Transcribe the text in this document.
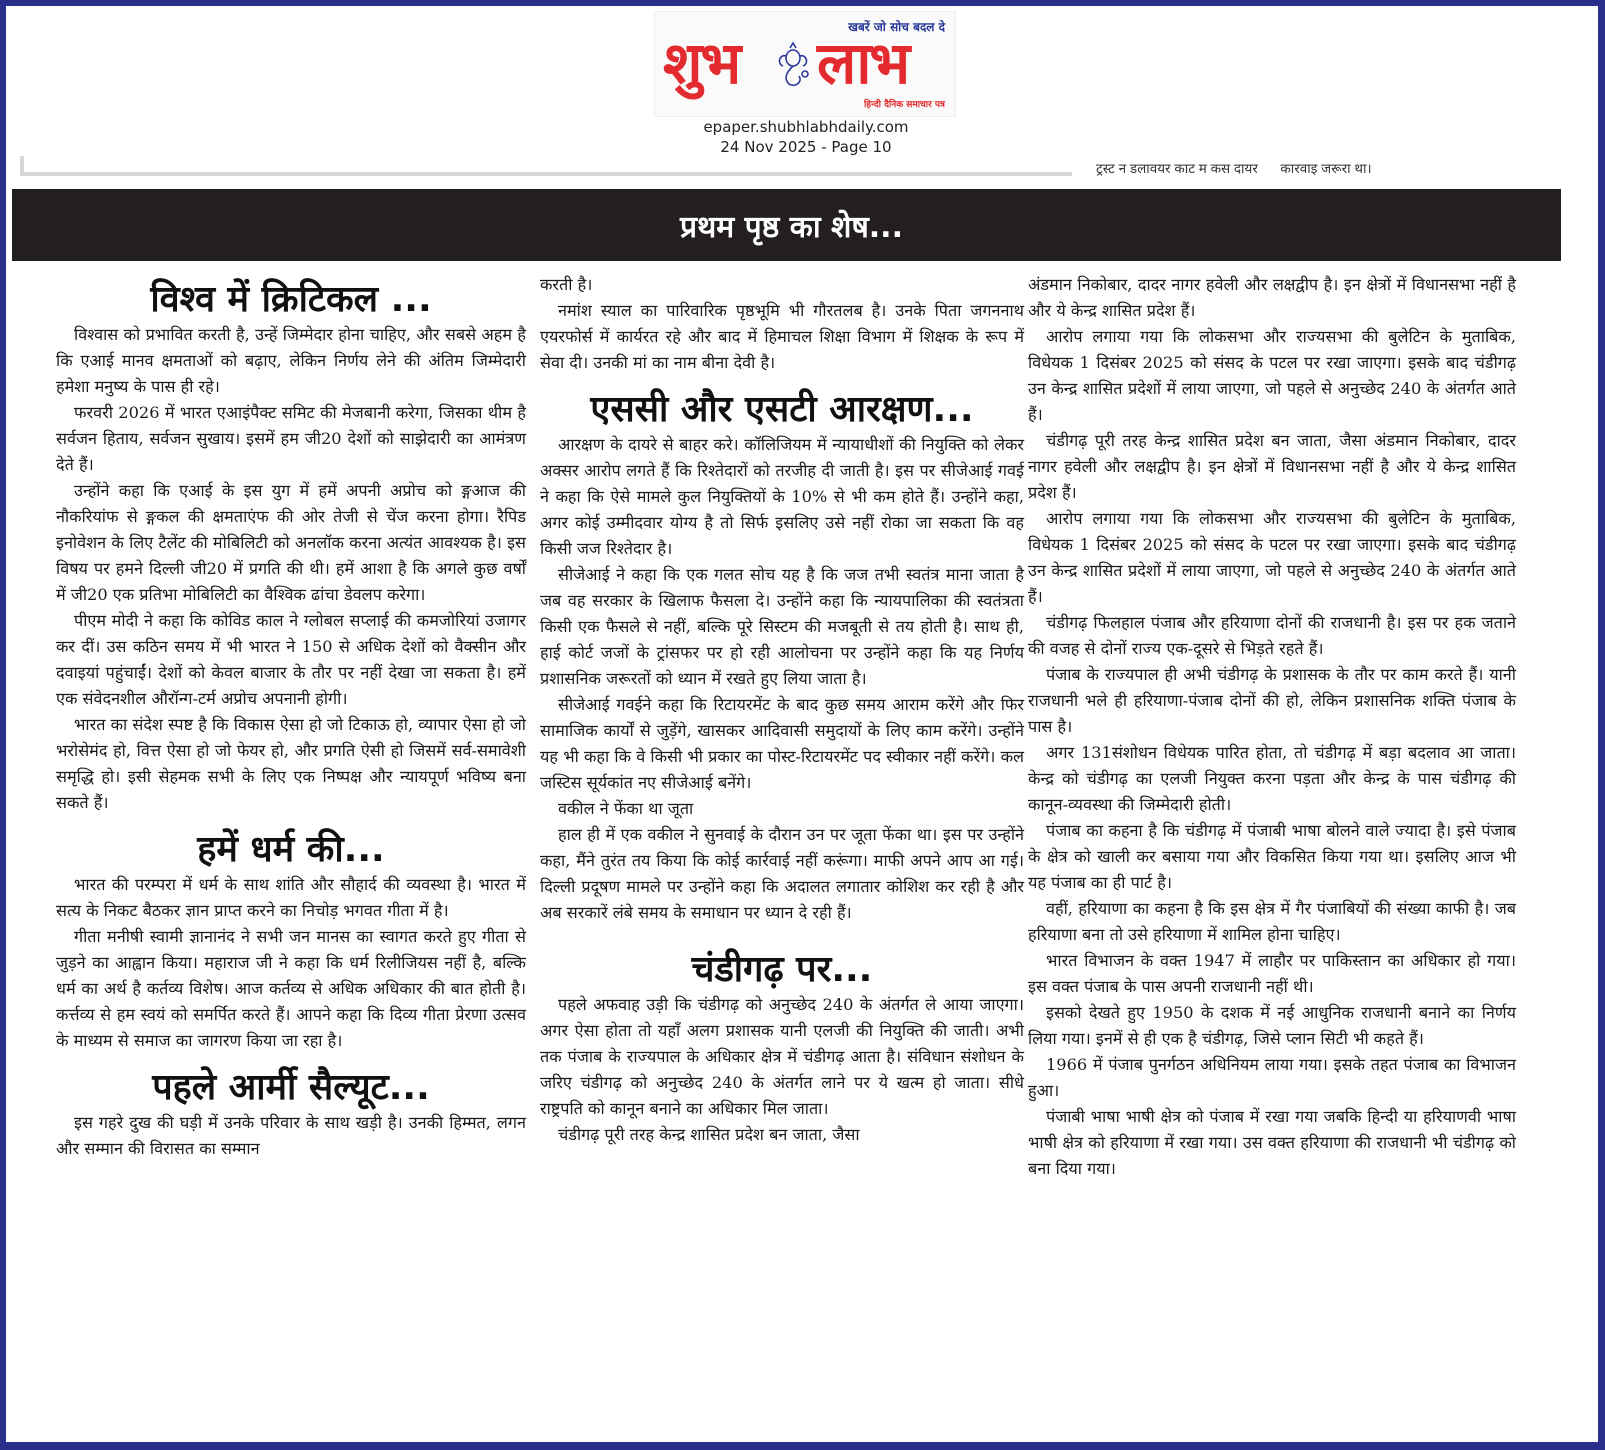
खबरें जो सोच बदल दे
शुभ लाभ
हिन्दी दैनिक समाचार पत्र
epaper.shubhlabhdaily.com
24 Nov 2025 - Page 10
ट्रस्ट न डलावयर काट म कस दायर      कारवाइ जरूरा था।
प्रथम पृष्ठ का शेष...
विश्व में क्रिटिकल ...

विश्वास को प्रभावित करती है, उन्हें जिम्मेदार होना चाहिए, और सबसे अहम है कि एआई मानव क्षमताओं को बढ़ाए, लेकिन निर्णय लेने की अंतिम जिम्मेदारी हमेशा मनुष्य के पास ही रहे।

फरवरी 2026 में भारत एआइंपैक्ट समिट की मेजबानी करेगा, जिसका थीम है सर्वजन हिताय, सर्वजन सुखाय। इसमें हम जी20 देशों को साझेदारी का आमंत्रण देते हैं।

उन्होंने कहा कि एआई के इस युग में हमें अपनी अप्रोच को ङ्गआज की नौकरियांफ से ङ्गकल की क्षमताएंफ की ओर तेजी से चेंज करना होगा। रैपिड इनोवेशन के लिए टैलेंट की मोबिलिटी को अनलॉक करना अत्यंत आवश्यक है। इस विषय पर हमने दिल्ली जी20 में प्रगति की थी। हमें आशा है कि अगले कुछ वर्षों में जी20 एक प्रतिभा मोबिलिटी का वैश्विक ढांचा डेवलप करेगा।

पीएम मोदी ने कहा कि कोविड काल ने ग्लोबल सप्लाई की कमजोरियां उजागर कर दीं। उस कठिन समय में भी भारत ने 150 से अधिक देशों को वैक्सीन और दवाइयां पहुंचाईं। देशों को केवल बाजार के तौर पर नहीं देखा जा सकता है। हमें एक संवेदनशील औरॉन्ग-टर्म अप्रोच अपनानी होगी।

भारत का संदेश स्पष्ट है कि विकास ऐसा हो जो टिकाऊ हो, व्यापार ऐसा हो जो भरोसेमंद हो, वित्त ऐसा हो जो फेयर हो, और प्रगति ऐसी हो जिसमें सर्व-समावेशी समृद्धि हो। इसी सेहमक सभी के लिए एक निष्पक्ष और न्यायपूर्ण भविष्य बना सकते हैं।

हमें धर्म की...

भारत की परम्परा में धर्म के साथ शांति और सौहार्द की व्यवस्था है। भारत में सत्य के निकट बैठकर ज्ञान प्राप्त करने का निचोड़ भगवत गीता में है।

गीता मनीषी स्वामी ज्ञानानंद ने सभी जन मानस का स्वागत करते हुए गीता से जुड़ने का आह्वान किया। महाराज जी ने कहा कि धर्म रिलीजियस नहीं है, बल्कि धर्म का अर्थ है कर्तव्य विशेष। आज कर्तव्य से अधिक अधिकार की बात होती है। कर्त्तव्य से हम स्वयं को समर्पित करते हैं। आपने कहा कि दिव्य गीता प्रेरणा उत्सव के माध्यम से समाज का जागरण किया जा रहा है।

पहले आर्मी सैल्यूट...

इस गहरे दुख की घड़ी में उनके परिवार के साथ खड़ी है। उनकी हिम्मत, लगन और सम्मान की विरासत का सम्मान

करती है।

नमांश स्याल का पारिवारिक पृष्ठभूमि भी गौरतलब है। उनके पिता जगननाथ एयरफोर्स में कार्यरत रहे और बाद में हिमाचल शिक्षा विभाग में शिक्षक के रूप में सेवा दी। उनकी मां का नाम बीना देवी है।

एससी और एसटी आरक्षण...

आरक्षण के दायरे से बाहर करे। कॉलिजियम में न्यायाधीशों की नियुक्ति को लेकर अक्सर आरोप लगते हैं कि रिश्तेदारों को तरजीह दी जाती है। इस पर सीजेआई गवई ने कहा कि ऐसे मामले कुल नियुक्तियों के 10% से भी कम होते हैं। उन्होंने कहा, अगर कोई उम्मीदवार योग्य है तो सिर्फ इसलिए उसे नहीं रोका जा सकता कि वह किसी जज रिश्तेदार है।

सीजेआई ने कहा कि एक गलत सोच यह है कि जज तभी स्वतंत्र माना जाता है जब वह सरकार के खिलाफ फैसला दे। उन्होंने कहा कि न्यायपालिका की स्वतंत्रता किसी एक फैसले से नहीं, बल्कि पूरे सिस्टम की मजबूती से तय होती है। साथ ही, हाई कोर्ट जजों के ट्रांसफर पर हो रही आलोचना पर उन्होंने कहा कि यह निर्णय प्रशासनिक जरूरतों को ध्यान में रखते हुए लिया जाता है।

सीजेआई गवईने कहा कि रिटायरमेंट के बाद कुछ समय आराम करेंगे और फिर सामाजिक कार्यों से जुड़ेंगे, खासकर आदिवासी समुदायों के लिए काम करेंगे। उन्होंने यह भी कहा कि वे किसी भी प्रकार का पोस्ट-रिटायरमेंट पद स्वीकार नहीं करेंगे। कल जस्टिस सूर्यकांत नए सीजेआई बनेंगे।

वकील ने फेंका था जूता

हाल ही में एक वकील ने सुनवाई के दौरान उन पर जूता फेंका था। इस पर उन्होंने कहा, मैंने तुरंत तय किया कि कोई कार्रवाई नहीं करूंगा। माफी अपने आप आ गई। दिल्ली प्रदूषण मामले पर उन्होंने कहा कि अदालत लगातार कोशिश कर रही है और अब सरकारें लंबे समय के समाधान पर ध्यान दे रही हैं।

चंडीगढ़ पर...

पहले अफवाह उड़ी कि चंडीगढ़ को अनुच्छेद 240 के अंतर्गत ले आया जाएगा। अगर ऐसा होता तो यहाँ अलग प्रशासक यानी एलजी की नियुक्ति की जाती। अभी तक पंजाब के राज्यपाल के अधिकार क्षेत्र में चंडीगढ़ आता है। संविधान संशोधन के जरिए चंडीगढ़ को अनुच्छेद 240 के अंतर्गत लाने पर ये खत्म हो जाता। सीधे राष्ट्रपति को कानून बनाने का अधिकार मिल जाता।

चंडीगढ़ पूरी तरह केन्द्र शासित प्रदेश बन जाता, जैसा

अंडमान निकोबार, दादर नागर हवेली और लक्षद्वीप है। इन क्षेत्रों में विधानसभा नहीं है और ये केन्द्र शासित प्रदेश हैं।

आरोप लगाया गया कि लोकसभा और राज्यसभा की बुलेटिन के मुताबिक, विधेयक 1 दिसंबर 2025 को संसद के पटल पर रखा जाएगा। इसके बाद चंडीगढ़ उन केन्द्र शासित प्रदेशों में लाया जाएगा, जो पहले से अनुच्छेद 240 के अंतर्गत आते हैं।

चंडीगढ़ पूरी तरह केन्द्र शासित प्रदेश बन जाता, जैसा अंडमान निकोबार, दादर नागर हवेली और लक्षद्वीप है। इन क्षेत्रों में विधानसभा नहीं है और ये केन्द्र शासित प्रदेश हैं।

आरोप लगाया गया कि लोकसभा और राज्यसभा की बुलेटिन के मुताबिक, विधेयक 1 दिसंबर 2025 को संसद के पटल पर रखा जाएगा। इसके बाद चंडीगढ़ उन केन्द्र शासित प्रदेशों में लाया जाएगा, जो पहले से अनुच्छेद 240 के अंतर्गत आते हैं।

चंडीगढ़ फिलहाल पंजाब और हरियाणा दोनों की राजधानी है। इस पर हक जताने की वजह से दोनों राज्य एक-दूसरे से भिड़ते रहते हैं।

पंजाब के राज्यपाल ही अभी चंडीगढ़ के प्रशासक के तौर पर काम करते हैं। यानी राजधानी भले ही हरियाणा-पंजाब दोनों की हो, लेकिन प्रशासनिक शक्ति पंजाब के पास है।

अगर 131संशोधन विधेयक पारित होता, तो चंडीगढ़ में बड़ा बदलाव आ जाता। केन्द्र को चंडीगढ़ का एलजी नियुक्त करना पड़ता और केन्द्र के पास चंडीगढ़ की कानून-व्यवस्था की जिम्मेदारी होती।

पंजाब का कहना है कि चंडीगढ़ में पंजाबी भाषा बोलने वाले ज्यादा है। इसे पंजाब के क्षेत्र को खाली कर बसाया गया और विकसित किया गया था। इसलिए आज भी यह पंजाब का ही पार्ट है।

वहीं, हरियाणा का कहना है कि इस क्षेत्र में गैर पंजाबियों की संख्या काफी है। जब हरियाणा बना तो उसे हरियाणा में शामिल होना चाहिए।

भारत विभाजन के वक्त 1947 में लाहौर पर पाकिस्तान का अधिकार हो गया। इस वक्त पंजाब के पास अपनी राजधानी नहीं थी।

इसको देखते हुए 1950 के दशक में नई आधुनिक राजधानी बनाने का निर्णय लिया गया। इनमें से ही एक है चंडीगढ़, जिसे प्लान सिटी भी कहते हैं।

1966 में पंजाब पुनर्गठन अधिनियम लाया गया। इसके तहत पंजाब का विभाजन हुआ।

पंजाबी भाषा भाषी क्षेत्र को पंजाब में रखा गया जबकि हिन्दी या हरियाणवी भाषा भाषी क्षेत्र को हरियाणा में रखा गया। उस वक्त हरियाणा की राजधानी भी चंडीगढ़ को बना दिया गया।
